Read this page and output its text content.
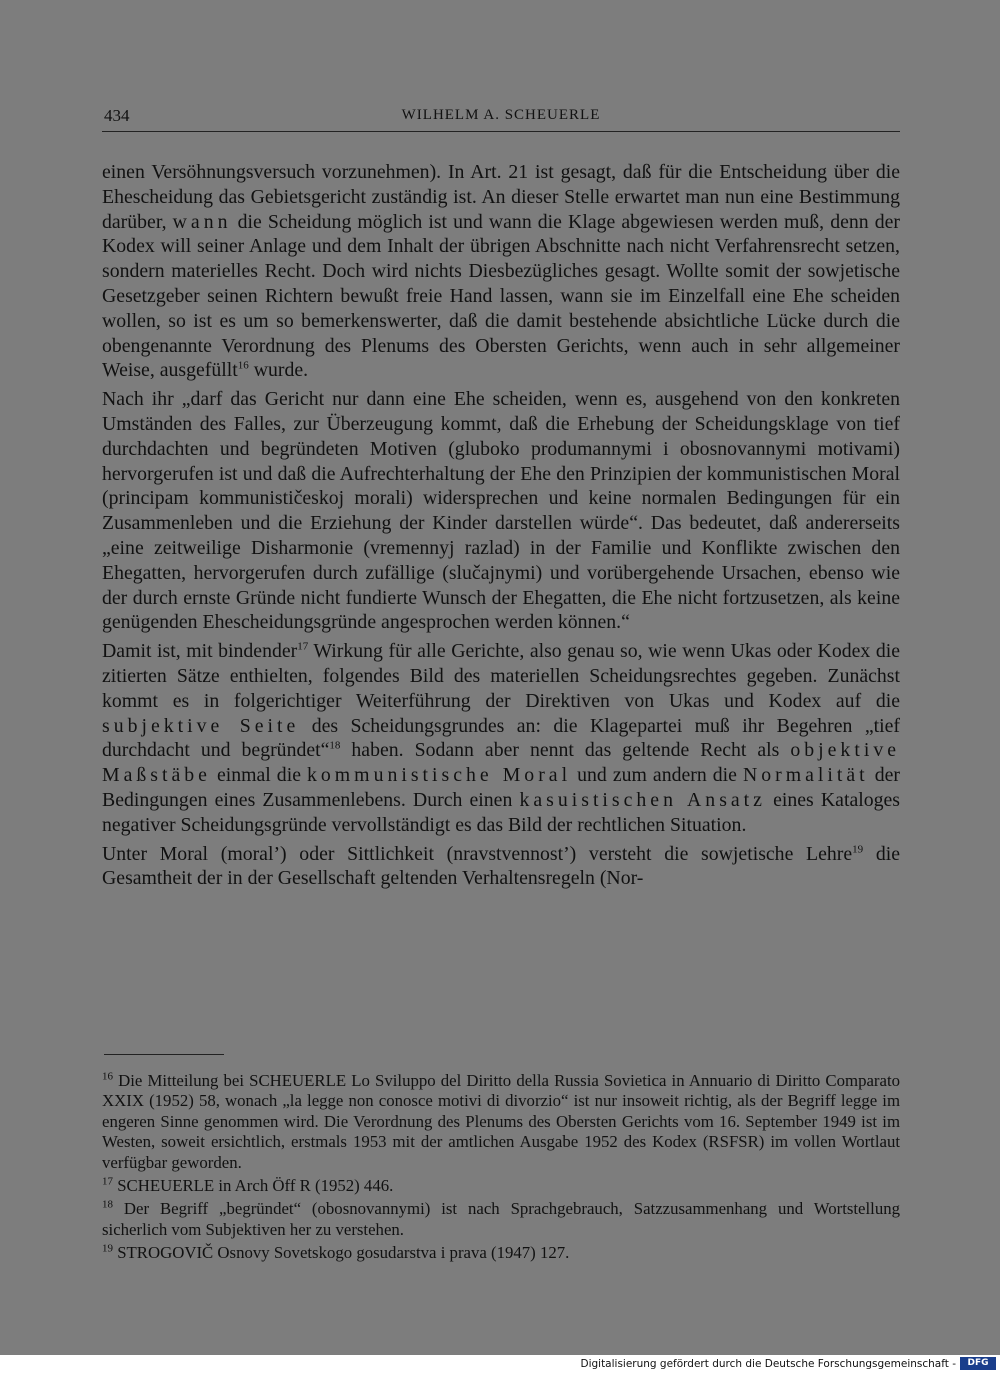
434	WILHELM A. SCHEUERLE

einen Versöhnungsversuch vorzunehmen). In Art. 21 ist gesagt, daß für die Entscheidung über die Ehescheidung das Gebietsgericht zuständig ist. An dieser Stelle erwartet man nun eine Bestimmung darüber, wann die Scheidung möglich ist und wann die Klage abgewiesen werden muß, denn der Kodex will seiner Anlage und dem Inhalt der übrigen Abschnitte nach nicht Verfahrensrecht setzen, sondern materielles Recht. Doch wird nichts Diesbezügliches gesagt. Wollte somit der sowjetische Gesetzgeber seinen Richtern bewußt freie Hand lassen, wann sie im Einzelfall eine Ehe scheiden wollen, so ist es um so bemerkenswerter, daß die damit bestehende absichtliche Lücke durch die obengenannte Verordnung des Plenums des Obersten Gerichts, wenn auch in sehr allgemeiner Weise, ausgefüllt$^{16}$ wurde.

Nach ihr „darf das Gericht nur dann eine Ehe scheiden, wenn es, ausgehend von den konkreten Umständen des Falles, zur Überzeugung kommt, daß die Erhebung der Scheidungsklage von tief durchdachten und begründeten Motiven (gluboko produmannymi i obosnovannymi motivami) hervorgerufen ist und daß die Aufrechterhaltung der Ehe den Prinzipien der kommunistischen Moral (principam kommunističeskoj morali) widersprechen und keine normalen Bedingungen für ein Zusammenleben und die Erziehung der Kinder darstellen würde“. Das bedeutet, daß andererseits „eine zeitweilige Disharmonie (vremennyj razlad) in der Familie und Konflikte zwischen den Ehegatten, hervorgerufen durch zufällige (slučajnymi) und vorübergehende Ursachen, ebenso wie der durch ernste Gründe nicht fundierte Wunsch der Ehegatten, die Ehe nicht fortzusetzen, als keine genügenden Ehescheidungsgründe angesprochen werden können.“

Damit ist, mit bindender$^{17}$ Wirkung für alle Gerichte, also genau so, wie wenn Ukas oder Kodex die zitierten Sätze enthielten, folgendes Bild des materiellen Scheidungsrechtes gegeben. Zunächst kommt es in folgerichtiger Weiterführung der Direktiven von Ukas und Kodex auf die subjektive Seite des Scheidungsgrundes an: die Klagepartei muß ihr Begehren „tief durchdacht und begründet“$^{18}$ haben. Sodann aber nennt das geltende Recht als objektive Maßstäbe einmal die kommunistische Moral und zum andern die Normalität der Bedingungen eines Zusammenlebens. Durch einen kasuistischen Ansatz eines Kataloges negativer Scheidungsgründe vervollständigt es das Bild der rechtlichen Situation.

Unter Moral (moral’) oder Sittlichkeit (nravstvennost’) versteht die sowjetische Lehre$^{19}$ die Gesamtheit der in der Gesellschaft geltenden Verhaltensregeln (Nor-

$^{16}$ Die Mitteilung bei SCHEUERLE Lo Sviluppo del Diritto della Russia Sovietica in Annuario di Diritto Comparato XXIX (1952) 58, wonach „la legge non conosce motivi di divorzio“ ist nur insoweit richtig, als der Begriff legge im engeren Sinne genommen wird. Die Verordnung des Plenums des Obersten Gerichts vom 16. September 1949 ist im Westen, soweit ersichtlich, erstmals 1953 mit der amtlichen Ausgabe 1952 des Kodex (RSFSR) im vollen Wortlaut verfügbar geworden.

$^{17}$ SCHEUERLE in Arch Öff R (1952) 446.

$^{18}$ Der Begriff „begründet“ (obosnovannymi) ist nach Sprachgebrauch, Satzzusammenhang und Wortstellung sicherlich vom Subjektiven her zu verstehen.

$^{19}$ STROGOVIČ Osnovy Sovetskogo gosudarstva i prava (1947) 127.

Digitalisierung gefördert durch die Deutsche Forschungsgemeinschaft -	DFG
